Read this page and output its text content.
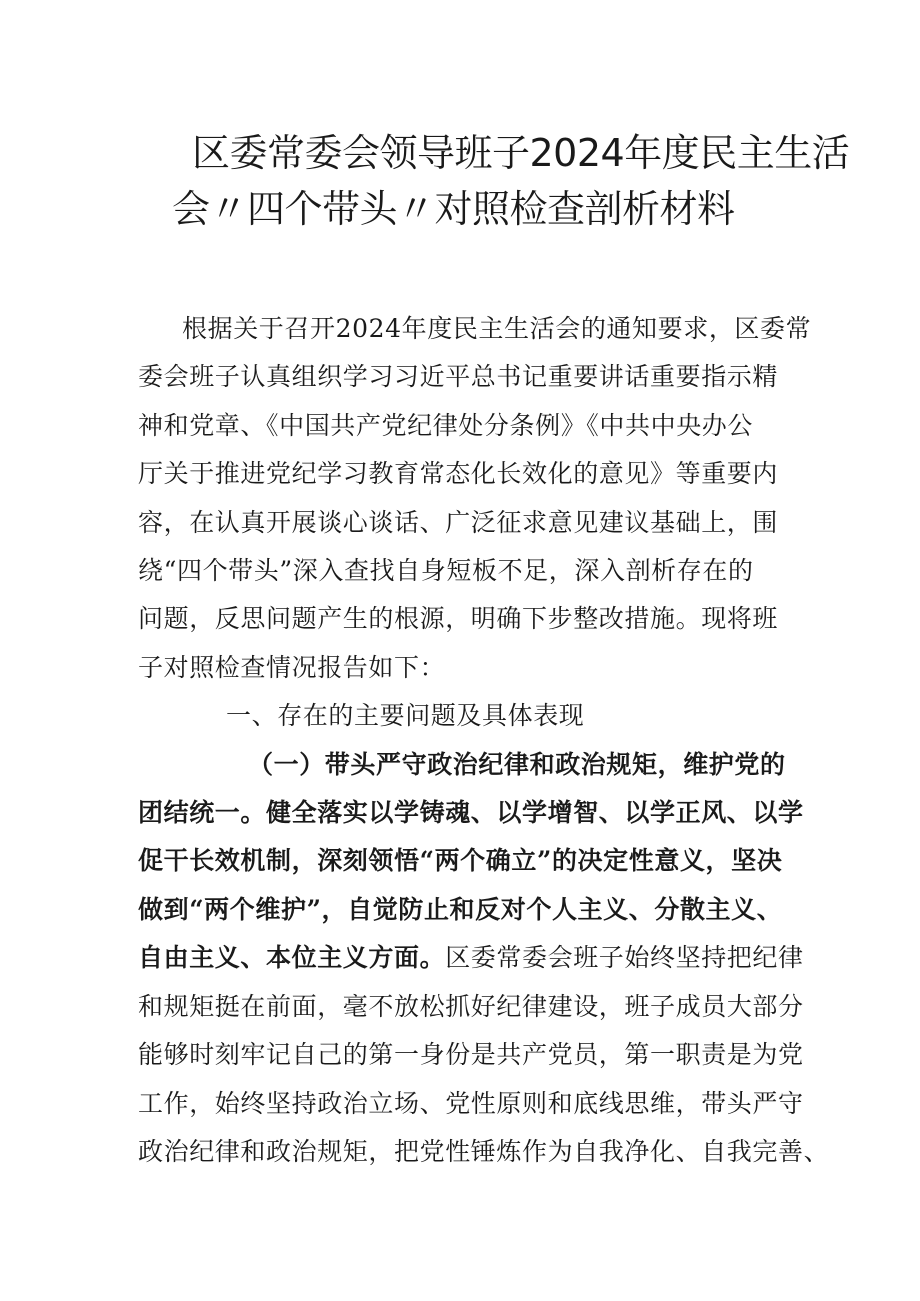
区委常委会领导班子2024年度民主生活
会〃四个带头〃对照检查剖析材料
根据关于召开2024年度民主生活会的通知要求，区委常
委会班子认真组织学习习近平总书记重要讲话重要指示精
神和党章、《中国共产党纪律处分条例》《中共中央办公
厅关于推进党纪学习教育常态化长效化的意见》等重要内
容，在认真开展谈心谈话、广泛征求意见建议基础上，围
绕“四个带头”深入查找自身短板不足，深入剖析存在的
问题，反思问题产生的根源，明确下步整改措施。现将班
子对照检查情况报告如下：
一、存在的主要问题及具体表现
（一）带头严守政治纪律和政治规矩，维护党的
团结统一。健全落实以学铸魂、以学增智、以学正风、以学
促干长效机制，深刻领悟“两个确立”的决定性意义，坚决
做到“两个维护”，自觉防止和反对个人主义、分散主义、
自由主义、本位主义方面。区委常委会班子始终坚持把纪律
和规矩挺在前面，毫不放松抓好纪律建设，班子成员大部分
能够时刻牢记自己的第一身份是共产党员，第一职责是为党
工作，始终坚持政治立场、党性原则和底线思维，带头严守
政治纪律和政治规矩，把党性锤炼作为自我净化、自我完善、
